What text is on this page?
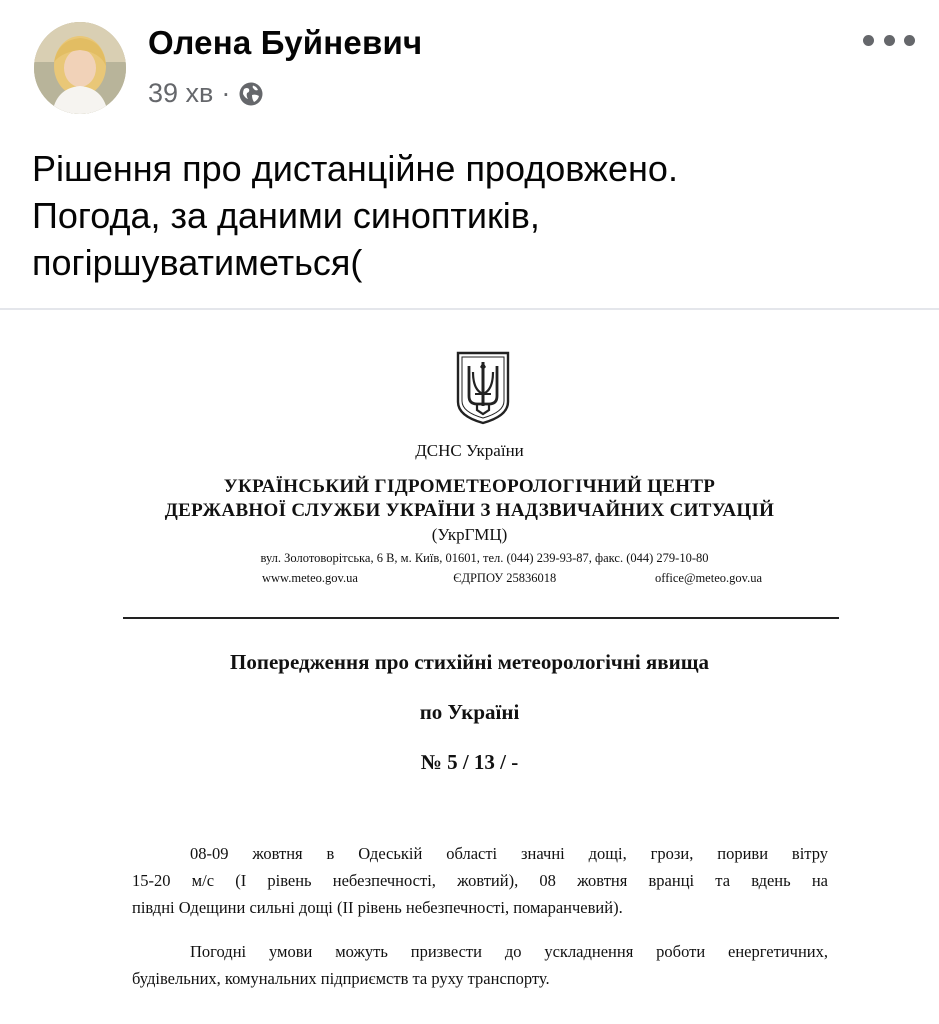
Олена Буйневич
39 хв ·
Рішення про дистанційне продовжено.
Погода, за даними синоптиків,
погіршуватиметься(
ДСНС України
УКРАЇНСЬКИЙ ГІДРОМЕТЕОРОЛОГІЧНИЙ ЦЕНТР
ДЕРЖАВНОЇ СЛУЖБИ УКРАЇНИ З НАДЗВИЧАЙНИХ СИТУАЦІЙ
(УкрГМЦ)
вул. Золотоворітська, 6 В, м. Київ, 01601, тел. (044) 239-93-87, факс. (044) 279-10-80
www.meteo.gov.ua	ЄДРПОУ 25836018	office@meteo.gov.ua
Попередження про стихійні метеорологічні явища
по Україні
№ 5 / 13 / -
08-09 жовтня в Одеській області значні дощі, грози, пориви вітру
15-20 м/с (I рівень небезпечності, жовтий), 08 жовтня вранці та вдень на
півдні Одещини сильні дощі (II рівень небезпечності, помаранчевий).
Погодні умови можуть призвести до ускладнення роботи енергетичних,
будівельних, комунальних підприємств та руху транспорту.
